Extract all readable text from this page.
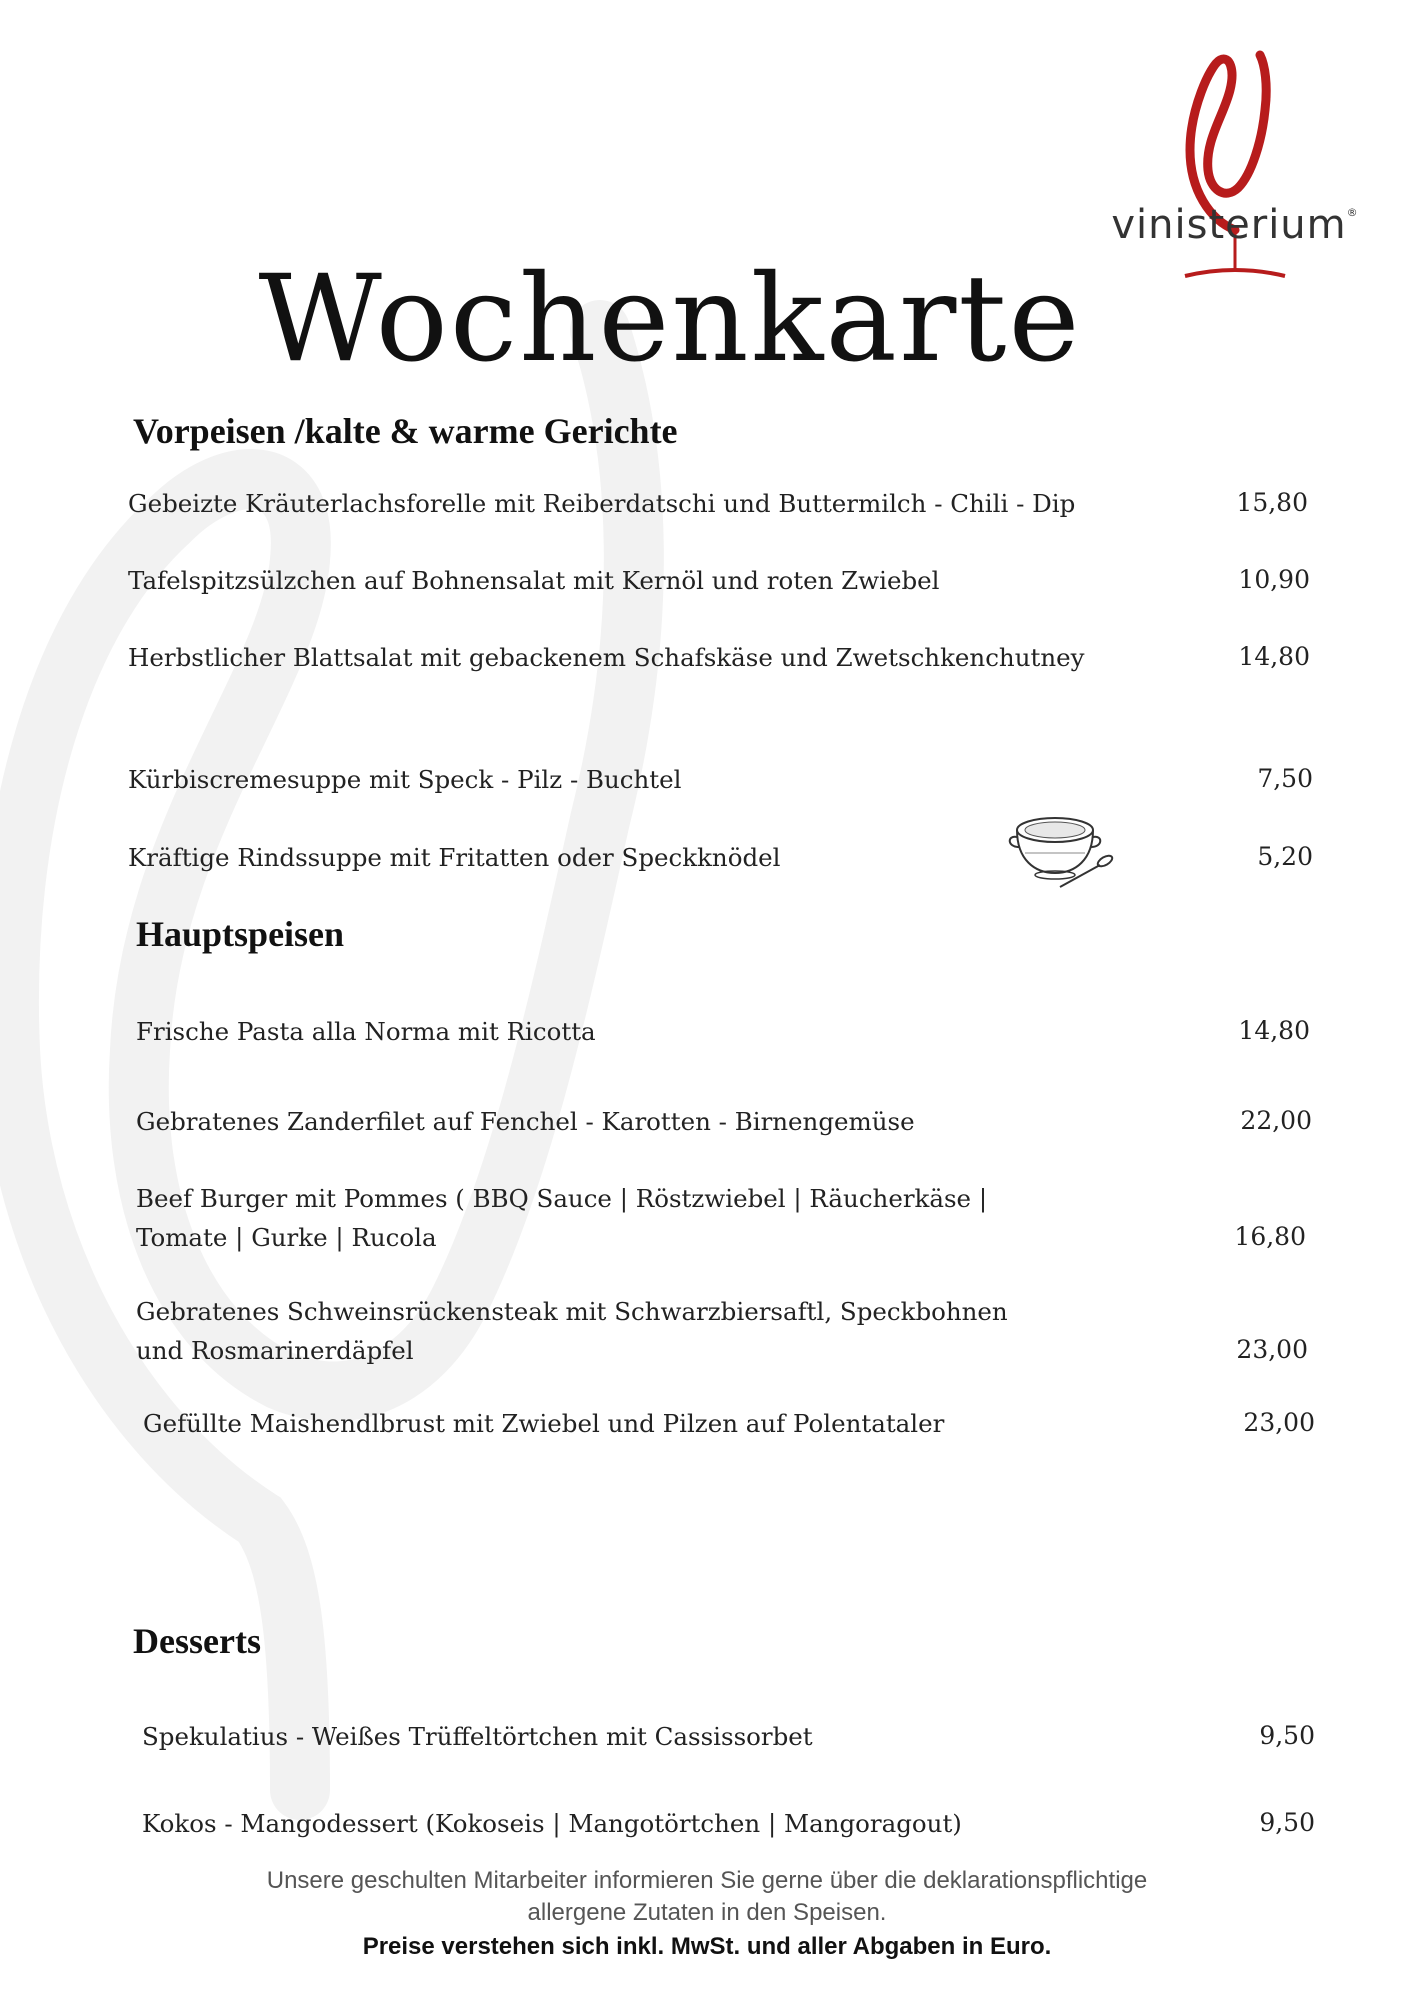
vinisterium®
Wochenkarte
Vorpeisen /kalte & warme Gerichte
Gebeizte Kräuterlachsforelle mit Reiberdatschi und Buttermilch - Chili - Dip	15,80
Tafelspitzsülzchen auf Bohnensalat mit Kernöl und roten Zwiebel	10,90
Herbstlicher Blattsalat mit gebackenem Schafskäse und Zwetschkenchutney	14,80
Kürbiscremesuppe mit Speck - Pilz - Buchtel	7,50
Kräftige Rindssuppe mit Fritatten oder Speckknödel	5,20
Hauptspeisen
Frische Pasta alla Norma mit Ricotta	14,80
Gebratenes Zanderfilet auf Fenchel - Karotten - Birnengemüse	22,00
Beef Burger mit Pommes ( BBQ Sauce | Röstzwiebel | Räucherkäse |
Tomate | Gurke | Rucola	16,80
Gebratenes Schweinsrückensteak mit Schwarzbiersaftl, Speckbohnen
und Rosmarinerdäpfel	23,00
Gefüllte Maishendlbrust mit Zwiebel und Pilzen auf Polentataler	23,00
Desserts
Spekulatius - Weißes Trüffeltörtchen mit Cassissorbet	9,50
Kokos - Mangodessert (Kokoseis | Mangotörtchen | Mangoragout)	9,50
Unsere geschulten Mitarbeiter informieren Sie gerne über die deklarationspflichtige
allergene Zutaten in den Speisen.
Preise verstehen sich inkl. MwSt. und aller Abgaben in Euro.
